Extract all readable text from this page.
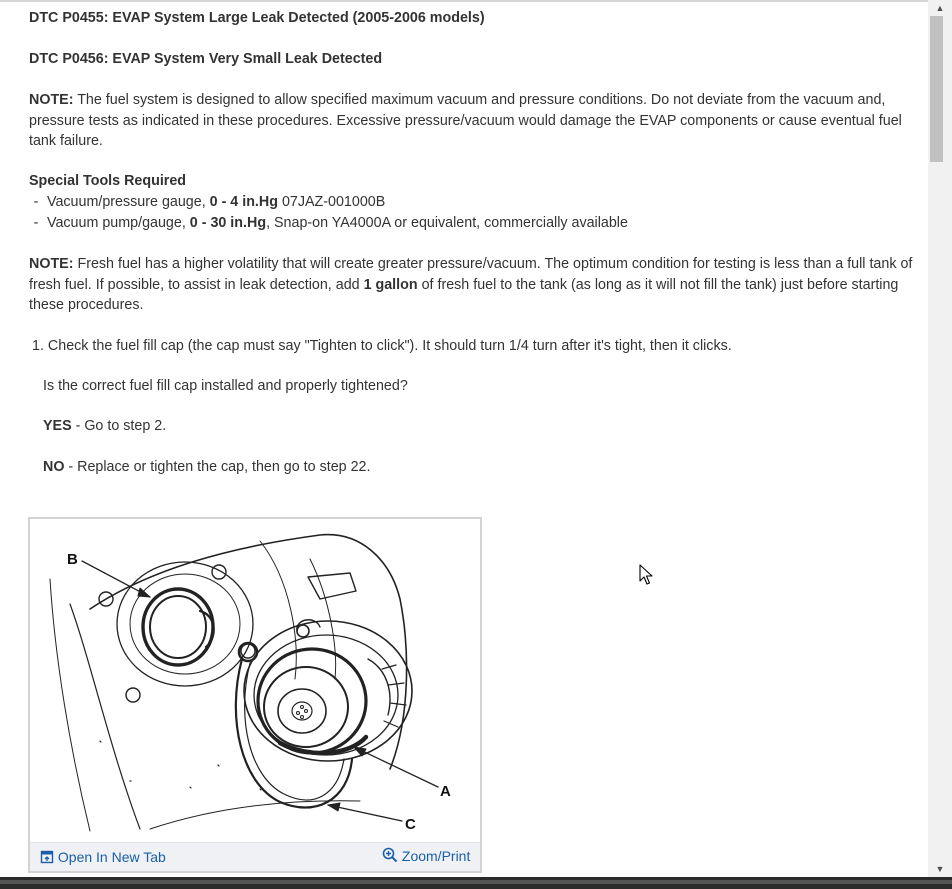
DTC P0455: EVAP System Large Leak Detected (2005-2006 models)

DTC P0456: EVAP System Very Small Leak Detected

NOTE: The fuel system is designed to allow specified maximum vacuum and pressure conditions. Do not deviate from the vacuum and, pressure tests as indicated in these procedures. Excessive pressure/vacuum would damage the EVAP components or cause eventual fuel tank failure.

Special Tools Required

- Vacuum/pressure gauge, 0 - 4 in.Hg 07JAZ-001000B
- Vacuum pump/gauge, 0 - 30 in.Hg, Snap-on YA4000A or equivalent, commercially available

NOTE: Fresh fuel has a higher volatility that will create greater pressure/vacuum. The optimum condition for testing is less than a full tank of fresh fuel. If possible, to assist in leak detection, add 1 gallon of fresh fuel to the tank (as long as it will not fill the tank) just before starting these procedures.

1. Check the fuel fill cap (the cap must say "Tighten to click"). It should turn 1/4 turn after it's tight, then it clicks.
Is the correct fuel fill cap installed and properly tightened?
YES - Go to step 2.
NO - Replace or tighten the cap, then go to step 22.
B
A
C
Open In New Tab	Zoom/Print
▲
▼
